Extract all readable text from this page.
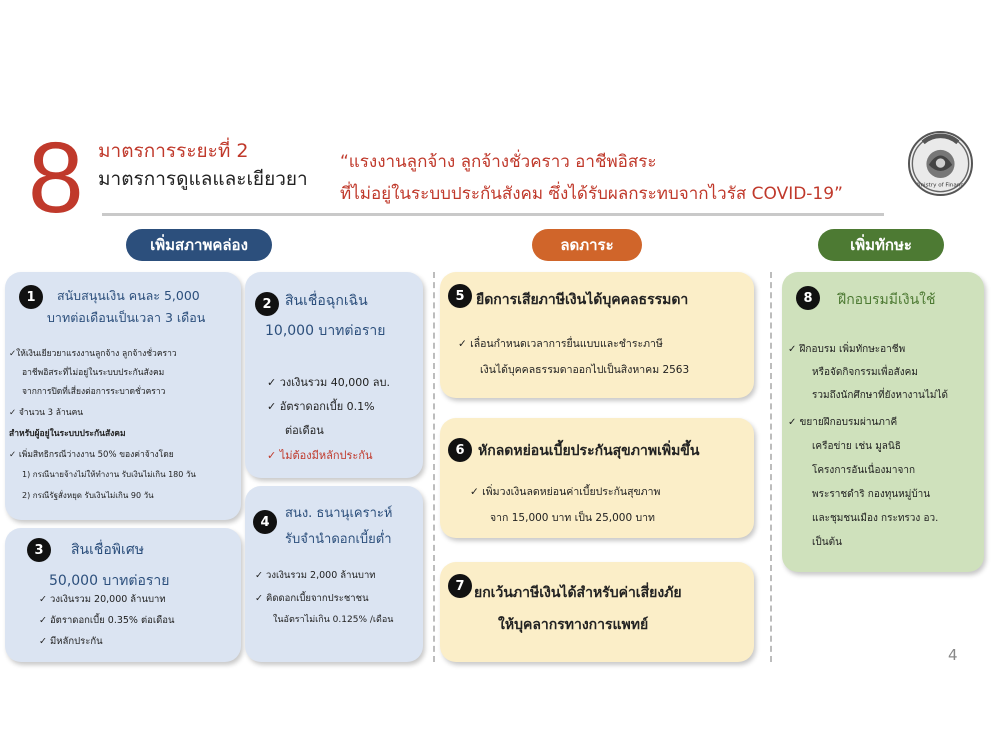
8 มาตรการระยะที่ 2
มาตรการดูแลและเยียวยา
“แรงงานลูกจ้าง ลูกจ้างชั่วคราว อาชีพอิสระ
ที่ไม่อยู่ในระบบประกันสังคม ซึ่งได้รับผลกระทบจากไวรัส COVID-19”	Ministry of Finance
เพิ่มสภาพคล่อง	ลดภาระ	เพิ่มทักษะ
1	สนับสนุนเงิน คนละ 5,000
บาทต่อเดือนเป็นเวลา 3 เดือน
✓ให้เงินเยียวยาแรงงานลูกจ้าง ลูกจ้างชั่วคราว
อาชีพอิสระที่ไม่อยู่ในระบบประกันสังคม
จากการปิดที่เสี่ยงต่อการระบาดชั่วคราว
✓ จำนวน 3 ล้านคน
สำหรับผู้อยู่ในระบบประกันสังคม
✓ เพิ่มสิทธิกรณีว่างงาน 50% ของค่าจ้างโดย
1) กรณีนายจ้างไม่ให้ทำงาน รับเงินไม่เกิน 180 วัน
2) กรณีรัฐสั่งหยุด รับเงินไม่เกิน 90 วัน
2 สินเชื่อฉุกเฉิน
10,000 บาทต่อราย
✓ วงเงินรวม 40,000 ลบ.
✓ อัตราดอกเบี้ย 0.1%
ต่อเดือน
✓ ไม่ต้องมีหลักประกัน
3	สินเชื่อพิเศษ
50,000 บาทต่อราย
✓ วงเงินรวม 20,000 ล้านบาท
✓ อัตราดอกเบี้ย 0.35% ต่อเดือน
✓ มีหลักประกัน
4
สนง. ธนานุเคราะห์
รับจำนำดอกเบี้ยต่ำ
✓ วงเงินรวม 2,000 ล้านบาท
✓ คิดดอกเบี้ยจากประชาชน
ในอัตราไม่เกิน 0.125% /เดือน
5 ยืดการเสียภาษีเงินได้บุคคลธรรมดา
✓ เลื่อนกำหนดเวลาการยื่นแบบและชำระภาษี
เงินได้บุคคลธรรมดาออกไปเป็นสิงหาคม 2563
6 หักลดหย่อนเบี้ยประกันสุขภาพเพิ่มขึ้น
✓ เพิ่มวงเงินลดหย่อนค่าเบี้ยประกันสุขภาพ
จาก 15,000 บาท เป็น 25,000 บาท
7 ยกเว้นภาษีเงินได้สำหรับค่าเสี่ยงภัย
ให้บุคลากรทางการแพทย์
8	ฝึกอบรมมีเงินใช้
✓ ฝึกอบรม เพิ่มทักษะอาชีพ
หรือจัดกิจกรรมเพื่อสังคม
รวมถึงนักศึกษาที่ยังหางานไม่ได้
✓ ขยายฝึกอบรมผ่านภาคี
เครือข่าย เช่น มูลนิธิ
โครงการอันเนื่องมาจาก
พระราชดำริ กองทุนหมู่บ้าน
และชุมชนเมือง กระทรวง อว.
เป็นต้น
4
